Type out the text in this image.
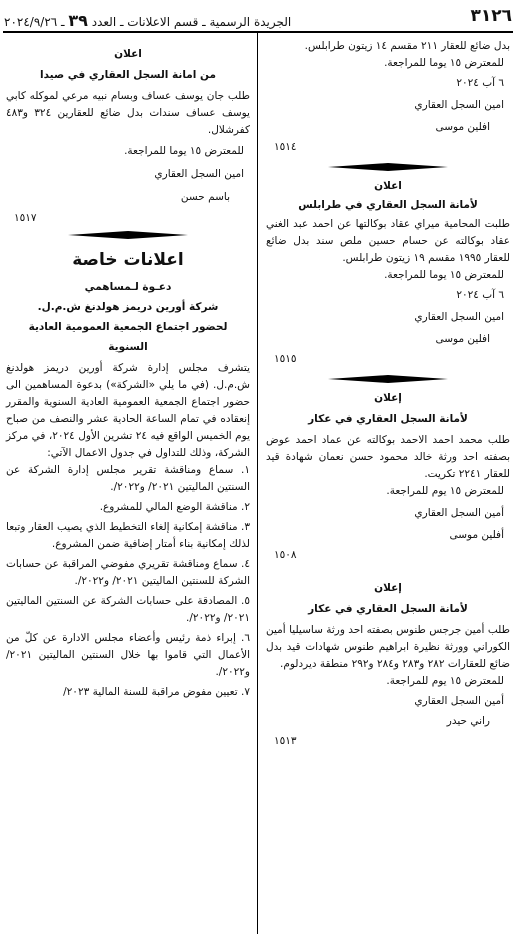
٣١٢٦
الجريدة الرسمية ـ قسم الاعلانات ـ العدد ٣٩ ـ ٢٠٢٤/٩/٢٦

بدل ضائع للعقار ٢١١ مقسم ١٤ زيتون طرابلس.

للمعترض ١٥ يوما للمراجعة.

٦ آب ٢٠٢٤

امين السجل العقاري

افلين موسى

١٥١٤

اعلان

لأمانة السجل العقاري في طرابلس

طلبت المحامية ميراي عقاد بوكالتها عن احمد عبد الغني عقاد بوكالته عن حسام حسين ملص سند بدل ضائع للعقار ١٩٩٥ مقسم ١٩ زيتون طرابلس.

للمعترض ١٥ يوما للمراجعة.

٦ آب ٢٠٢٤

امين السجل العقاري

افلين موسى

١٥١٥

إعلان

لأمانة السجل العقاري في عكار

طلب محمد احمد الاحمد بوكالته عن عماد احمد عوض بصفته احد ورثة خالد محمود حسن نعمان شهادة قيد للعقار ٢٢٤١ تكريت.

للمعترض ١٥ يوم للمراجعة.

أمين السجل العقاري

أفلين موسى

١٥٠٨

إعلان

لأمانة السجل العقاري في عكار

طلب أمين جرجس طنوس بصفته احد ورثة ساسيليا أمين الكوراني وورثة نظيرة ابراهيم طنوس شهادات قيد بدل ضائع للعقارات ٢٨٢ و٢٨٣ و٢٨٤ و٢٩٢ منطقة ديردلوم.

للمعترض ١٥ يوم للمراجعة.

أمين السجل العقاري

راني حيدر

١٥١٣

اعلان

من امانة السجل العقاري في صيدا

طلب جان يوسف عساف وبسام نبيه مرعي لموكله كابي يوسف عساف سندات بدل ضائع للعقارين ٣٢٤ و٤٨٣ كفرشلال.

للمعترض ١٥ يوما للمراجعة.

امين السجل العقاري

باسم حسن

١٥١٧

اعلانات خاصة

دعـوة لـمساهمي

شركة أورين دريمز هولدنغ ش.م.ل.

لحضور اجتماع الجمعية العمومية العادية

السنوية

يتشرف مجلس إدارة شركة أورين دريمز هولدنغ ش.م.ل. (في ما يلي «الشركة») بدعوة المساهمين الى حضور اجتماع الجمعية العمومية العادية السنوية والمقرر إنعقاده في تمام الساعة الحادية عشر والنصف من صباح يوم الخميس الواقع فيه ٢٤ تشرين الأول ٢٠٢٤، في مركز الشركة، وذلك للتداول في جدول الاعمال الآتي:

١. سماع ومناقشة تقرير مجلس إدارة الشركة عن السنتين الماليتين ٢٠٢١/ و٢٠٢٢/.

٢. مناقشة الوضع المالي للمشروع.

٣. مناقشة إمكانية إلغاء التخطيط الذي يصيب العقار وتبعا لذلك إمكانية بناء أمتار إضافية ضمن المشروع.

٤. سماع ومناقشة تقريري مفوضي المراقبة عن حسابات الشركة للسنتين الماليتين ٢٠٢١/ و٢٠٢٢/.

٥. المصادقة على حسابات الشركة عن السنتين الماليتين ٢٠٢١/ و٢٠٢٢/.

٦. إبراء ذمة رئيس وأعضاء مجلس الادارة عن كلّ من الأعمال التي قاموا بها خلال السنتين الماليتين ٢٠٢١/ و٢٠٢٢/.

٧. تعيين مفوض مراقبة للسنة المالية ٢٠٢٣/
